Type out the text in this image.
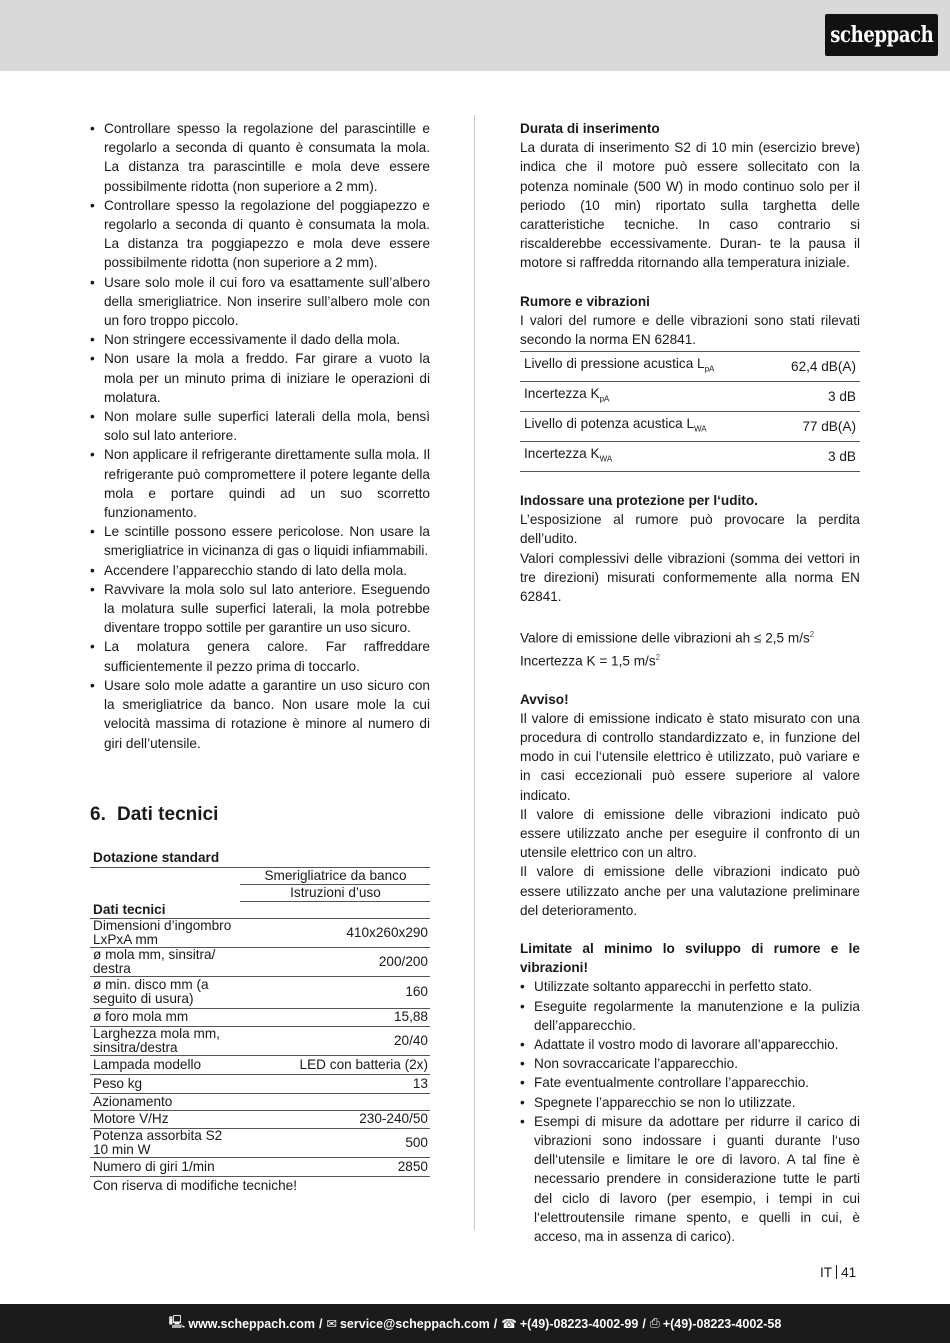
scheppach
• Controllare spesso la regolazione del parascintille e regolarlo a seconda di quanto è consumata la mola. La distanza tra parascintille e mola deve essere possibilmente ridotta (non superiore a 2 mm).
• Controllare spesso la regolazione del poggiapezzo e regolarlo a seconda di quanto è consumata la mola. La distanza tra poggiapezzo e mola deve essere possibilmente ridotta (non superiore a 2 mm).
• Usare solo mole il cui foro va esattamente sull’albero della smerigliatrice. Non inserire sull’albero mole con un foro troppo piccolo.
• Non stringere eccessivamente il dado della mola.
• Non usare la mola a freddo. Far girare a vuoto la mola per un minuto prima di iniziare le operazioni di molatura.
• Non molare sulle superfici laterali della mola, bensì solo sul lato anteriore.
• Non applicare il refrigerante direttamente sulla mola. Il refrigerante può compromettere il potere legante della mola e portare quindi ad un suo scorretto funzionamento.
• Le scintille possono essere pericolose. Non usare la smerigliatrice in vicinanza di gas o liquidi infiammabili.
• Accendere l’apparecchio stando di lato della mola.
• Ravvivare la mola solo sul lato anteriore. Eseguendo la molatura sulle superfici laterali, la mola potrebbe diventare troppo sottile per garantire un uso sicuro.
• La molatura genera calore. Far raffreddare sufficientemente il pezzo prima di toccarlo.
• Usare solo mole adatte a garantire un uso sicuro con la smerigliatrice da banco. Non usare mole la cui velocità massima di rotazione è minore al numero di giri dell’utensile.
6. Dati tecnici
Dotazione standard	
	Smerigliatrice da banco
	Istruzioni d’uso
Dati tecnici	
Dimensioni d’ingombro LxPxA mm	410x260x290
ø mola mm, sinsitra/ destra	200/200
ø min. disco mm (a seguito di usura)	160
ø foro mola mm	15,88
Larghezza mola mm, sinsitra/destra	20/40
Lampada modello	LED con batteria (2x)
Peso kg	13
Azionamento	
Motore V/Hz	230-240/50
Potenza assorbita S2 10 min W	500
Numero di giri 1/min	2850
Con riserva di modifiche tecniche!	
Durata di inserimento
La durata di inserimento S2 di 10 min (esercizio breve) indica che il motore può essere sollecitato con la potenza nominale (500 W) in modo continuo solo per il periodo (10 min) riportato sulla targhetta delle caratteristiche tecniche. In caso contrario si riscalderebbe eccessivamente. Duran- te la pausa il motore si raffredda ritornando alla temperatura iniziale.
Rumore e vibrazioni
I valori del rumore e delle vibrazioni sono stati rilevati secondo la norma EN 62841.
Livello di pressione acustica $L_{pA}$	62,4 dB(A)
Incertezza $K_{pA}$	3 dB
Livello di potenza acustica $L_{WA}$	77 dB(A)
Incertezza $K_{WA}$	3 dB
Indossare una protezione per l‘udito.
L’esposizione al rumore può provocare la perdita dell’udito.
Valori complessivi delle vibrazioni (somma dei vettori in tre direzioni) misurati conformemente alla norma EN 62841.
Valore di emissione delle vibrazioni ah ≤ 2,5 $m/s^2$
Incertezza K = 1,5 $m/s^2$
Avviso!
Il valore di emissione indicato è stato misurato con una procedura di controllo standardizzato e, in funzione del modo in cui l‘utensile elettrico è utilizzato, può variare e in casi eccezionali può essere superiore al valore indicato.
Il valore di emissione delle vibrazioni indicato può essere utilizzato anche per eseguire il confronto di un utensile elettrico con un altro.
Il valore di emissione delle vibrazioni indicato può essere utilizzato anche per una valutazione preliminare del deterioramento.
Limitate al minimo lo sviluppo di rumore e le vibrazioni!
• Utilizzate soltanto apparecchi in perfetto stato.
• Eseguite regolarmente la manutenzione e la pulizia dell’apparecchio.
• Adattate il vostro modo di lavorare all’apparecchio.
• Non sovraccaricate l’apparecchio.
• Fate eventualmente controllare l’apparecchio.
• Spegnete l’apparecchio se non lo utilizzate.
• Esempi di misure da adottare per ridurre il carico di vibrazioni sono indossare i guanti durante l‘uso dell‘utensile e limitare le ore di lavoro. A tal fine è necessario prendere in considerazione tutte le parti del ciclo di lavoro (per esempio, i tempi in cui l‘elettroutensile rimane spento, e quelli in cui, è acceso, ma in assenza di carico).
IT 41
🖳 www.scheppach.com / ✉ service@scheppach.com / ☎ +(49)-08223-4002-99 / ⎙ +(49)-08223-4002-58
